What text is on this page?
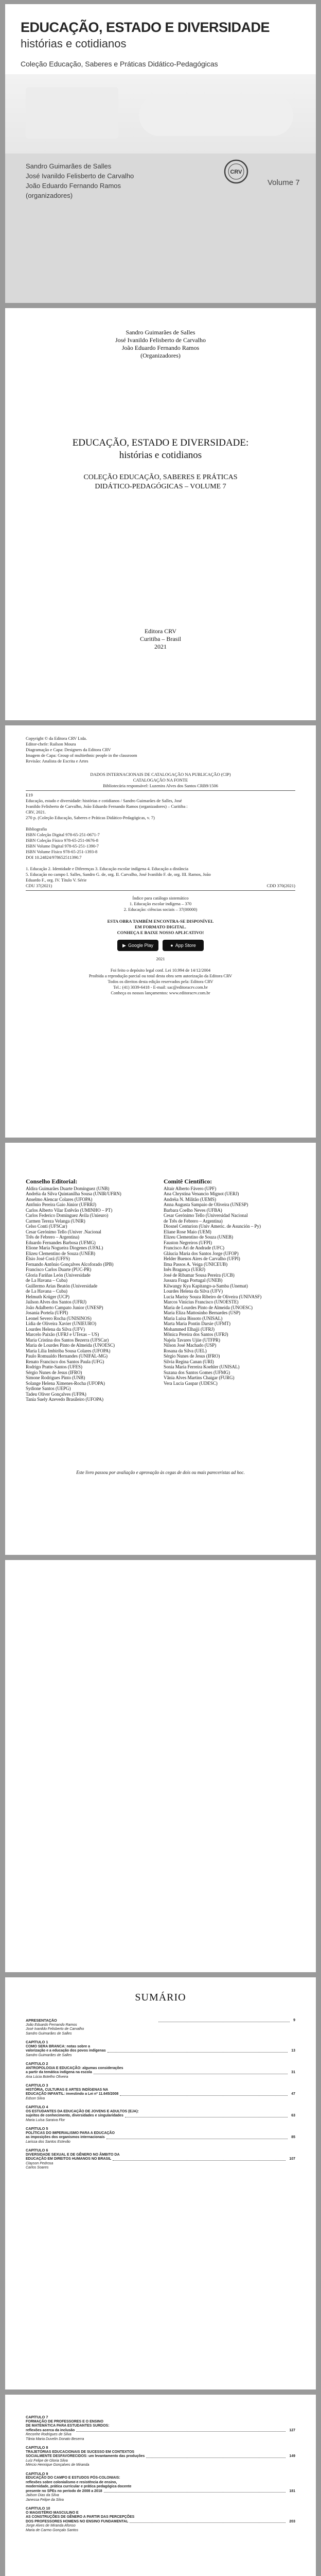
EDUCAÇÃO, ESTADO E DIVERSIDADE
histórias e cotidianos
Coleção Educação, Saberes e Práticas Didático-Pedagógicas
Sandro Guimarães de Salles
José Ivanildo Felisberto de Carvalho
João Eduardo Fernando Ramos
(organizadores)
CRV
Volume 7
Sandro Guimarães de Salles
José Ivanildo Felisberto de Carvalho
João Eduardo Fernando Ramos
(Organizadores)
EDUCAÇÃO, ESTADO E DIVERSIDADE:
histórias e cotidianos
COLEÇÃO EDUCAÇÃO, SABERES E PRÁTICAS
DIDÁTICO-PEDAGÓGICAS – VOLUME 7
Editora CRV
Curitiba – Brasil
2021
Copyright © da Editora CRV Ltda.
Editor-chefe: Railson Moura
Diagramação e Capa: Designers da Editora CRV
Imagem de Capa: Group of multiethnic people in the classroom
Revisão: Analista de Escrita e Artes
DADOS INTERNACIONAIS DE CATALOGAÇÃO NA PUBLICAÇÃO (CIP)
CATALOGAÇÃO NA FONTE
Bibliotecária responsável: Luzenira Alves dos Santos CRB9/1506
E19
Educação, estado e diversidade: histórias e cotidianos / Sandro Guimarães de Salles, José
Ivanildo Felisberto de Carvalho, João Eduardo Fernando Ramos (organizadores) – Curitiba :
CRV, 2021.
270 p. (Coleção Educação, Saberes e Práticas Didático-Pedagógicas, v. 7)
Bibliografia
ISBN Coleção Digital 978-65-251-0671-7
ISBN Coleção Físico 978-65-251-0676-8
ISBN Volume Digital 978-65-251-1390-7
ISBN Volume Físico 978-65-251-1393-8
DOI 10.24824/978652511390.7
1. Educação 2. Identidade e Diferenças 3. Educação escolar indígena 4. Educação a distância
5. Educação no campo I. Salles, Sandro G. de, org. II. Carvalho, José Ivanildo F. de, org. III. Ramos, João
Eduardo F., org. IV. Título V. Série
CDU 37(2021)	CDD 370(2021)
Índice para catálogo sistemático
1. Educação escolar indígena – 370
2. Educação: ciências sociais – 37(00000)
ESTA OBRA TAMBÉM ENCONTRA-SE DISPONÍVEL
EM FORMATO DIGITAL.
CONHEÇA E BAIXE NOSSO APLICATIVO!
▶ Google Play	● App Store
2021
Foi feito o depósito legal conf. Lei 10.994 de 14/12/2004
Proibida a reprodução parcial ou total desta obra sem autorização da Editora CRV
Todos os direitos desta edição reservados pela: Editora CRV
Tel.: (41) 3039-6418 - E-mail: sac@editoracrv.com.br
Conheça os nossos lançamentos: www.editoracrv.com.br
Conselho Editorial:
Aldira Guimarães Duarte Domínguez (UNB)
Andréia da Silva Quintanilha Sousa (UNIR/UFRN)
Anselmo Alencar Colares (UFOPA)
Antônio Pereira Gaio Júnior (UFRRJ)
Carlos Alberto Vilar Estêvão (UMINHO – PT)
Carlos Federico Dominguez Avila (Unieuro)
Carmen Tereza Velanga (UNIR)
Celso Conti (UFSCar)
Cesar Gerónimo Tello (Univer .Nacional
Três de Febrero – Argentina)
Eduardo Fernandes Barbosa (UFMG)
Elione Maria Nogueira Diogenes (UFAL)
Elizeu Clementino de Souza (UNEB)
Élsio José Corá (UFFS)
Fernando Antônio Gonçalves Alcoforado (IPB)
Francisco Carlos Duarte (PUC-PR)
Gloria Fariñas León (Universidade
de La Havana – Cuba)
Guillermo Arias Beatón (Universidade
de La Havana – Cuba)
Helmuth Krüger (UCP)
Jailson Alves dos Santos (UFRJ)
João Adalberto Campato Junior (UNESP)
Josania Portela (UFPI)
Leonel Severo Rocha (UNISINOS)
Lídia de Oliveira Xavier (UNIEURO)
Lourdes Helena da Silva (UFV)
Marcelo Paixão (UFRJ e UTexas – US)
Maria Cristina dos Santos Bezerra (UFSCar)
Maria de Lourdes Pinto de Almeida (UNOESC)
Maria Lília Imbiriba Sousa Colares (UFOPA)
Paulo Romualdo Hernandes (UNIFAL-MG)
Renato Francisco dos Santos Paula (UFG)
Rodrigo Pratte-Santos (UFES)
Sérgio Nunes de Jesus (IFRO)
Simone Rodrigues Pinto (UNB)
Solange Helena Ximenes-Rocha (UFOPA)
Sydione Santos (UEPG)
Tadeu Oliver Gonçalves (UFPA)
Tania Suely Azevedo Brasileiro (UFOPA)
Comitê Científico:
Altair Alberto Fávero (UPF)
Ana Chrystina Venancio Mignot (UERJ)
Andréia N. Militão (UEMS)
Anna Augusta Sampaio de Oliveira (UNESP)
Barbara Coelho Neves (UFBA)
Cesar Gerónimo Tello (Universidad Nacional
de Três de Febrero – Argentina)
Diosnel Centurion (Univ Americ. de Asunción – Py)
Eliane Rose Maio (UEM)
Elizeu Clementino de Souza (UNEB)
Fauston Negreiros (UFPI)
Francisco Ari de Andrade (UFC)
Gláucia Maria dos Santos Jorge (UFOP)
Helder Buenos Aires de Carvalho (UFPI)
Ilma Passos A. Veiga (UNICEUB)
Inês Bragança (UERJ)
José de Ribamar Sousa Pereira (UCB)
Jussara Fraga Portugal (UNEB)
Kilwangy Kya Kapitango-a-Samba (Unemat)
Lourdes Helena da Silva (UFV)
Lucia Marisy Souza Ribeiro de Oliveira (UNIVASF)
Marcos Vinicius Francisco (UNOESTE)
Maria de Lourdes Pinto de Almeida (UNOESC)
Maria Eliza Mattosinho Bernardes (USP)
Maria Luisa Bissoto (UNISAL)
Marta Maria Pontin Darsie (UFMT)
Mohammed Elhajji (UFRJ)
Mônica Pereira dos Santos (UFRJ)
Najela Tavares Ujiie (UTFPR)
Nilson José Machado (USP)
Rosana da Silva (UEL)
Sérgio Nunes de Jesus (IFRO)
Silvia Regina Canan (URI)
Sonia Maria Ferreira Koehler (UNISAL)
Suzana dos Santos Gomes (UFMG)
Vânia Alves Martins Chaigar (FURG)
Vera Lucia Gaspar (UDESC)
Este livro passou por avaliação e aprovação às cegas de dois ou mais pareceristas ad hoc.
SUMÁRIO
APRESENTAÇÃO	9
João Eduardo Fernando Ramos
José Ivanildo Felisberto de Carvalho
Sandro Guimarães de Salles
CAPÍTULO 1
COMO SERA BRANCA: notas sobre a
valorização e a educação dos povos indígenas	13
Sandro Guimarães de Salles
CAPÍTULO 2
ANTROPOLOGIA E EDUCAÇÃO: algumas considerações
a partir da temática indígena na escola	31
Ana Lúcia Botelho Oliveira
CAPÍTULO 3
HISTÓRIA, CULTURAS E ARTES INDÍGENAS NA
EDUCAÇÃO INFANTIL: investindo a Lei nº 11.645/2008	47
Edson Silva
CAPÍTULO 4
OS ESTUDANTES DA EDUCAÇÃO DE JOVENS E ADULTOS (EJA):
sujeitos de conhecimento, diversidades e singularidades	63
Maria Luísa Saraiva Flor
CAPÍTULO 5
POLÍTICAS DO IMPERIALISMO PARA A EDUCAÇÃO
as imposições dos organismos internacionais	85
Larissa dos Santos Estevão
CAPÍTULO 6
DIVERSIDADE SEXUAL E DE GÊNERO NO ÂMBITO DA
EDUCAÇÃO EM DIREITOS HUMANOS NO BRASIL	107
Clayson Pedrosa
Carlos Soares
CAPÍTULO 7
FORMAÇÃO DE PROFESSORES E O ENSINO
DE MATEMÁTICA PARA ESTUDANTES SURDOS:
reflexões acerca da inclusão	127
Reconhe Rodrigues de Silva
Tânia Maria Duvelin Donato Beserra
CAPÍTULO 8
TRAJETÓRIAS EDUCACIONAIS DE SUCESSO EM CONTEXTOS
SOCIALMENTE DESFAVORECIDOS: um levantamento das produções	149
Luíz Felipe de Gloria Silva
Mércio Henrique Gonçalves de Miranda
CAPÍTULO 9
EDUCAÇÃO DO CAMPO E ESTUDOS PÓS-COLONIAIS:
reflexões sobre colonialismo e resistência de ensino,
modernidade, prática curricular e prática pedagógica docente
presente no SPEs no período de 2008 a 2018	181
Jailson Dias da Silva
Janessa Felipe da Silva
CAPÍTULO 10
O MAGISTÉRIO MASCULINO E
AS CONSTRUÇÕES DE GÊNERO A PARTIR DAS PERCEPÇÕES
DOS PROFESSORES HOMENS NO ENSINO FUNDAMENTAL	203
Jorge Alves de Miranda Afonso
Maria de Carmo Gonçalo Santos
